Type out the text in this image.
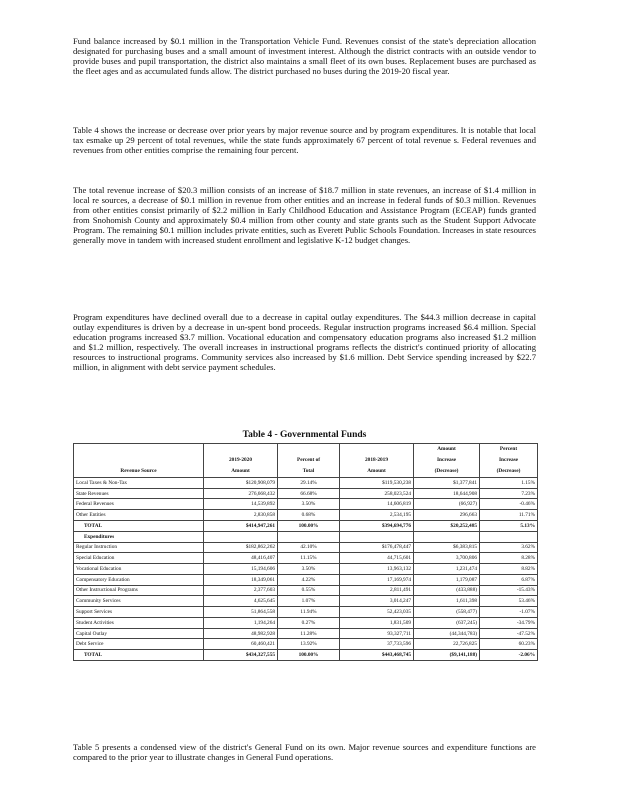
Fund balance increased by $0.1 million in the Transportation Vehicle Fund. Revenues consist of the state's depreciation allocation designated for purchasing buses and a small amount of investment interest. Although the district contracts with an outside vendor to provide buses and pupil transportation, the district also maintains a small fleet of its own buses. Replacement buses are purchased as the fleet ages and as accumulated funds allow. The district purchased no buses during the 2019-20 fiscal year.

Table 4 shows the increase or decrease over prior years by major revenue source and by program expenditures. It is notable that local tax esmake up 29 percent of total revenues, while the state funds approximately 67 percent of total revenue s. Federal revenues and revenues from other entities comprise the remaining four percent.

The total revenue increase of $20.3 million consists of an increase of $18.7 million in state revenues, an increase of $1.4 million in local re sources, a decrease of $0.1 million in revenue from other entities and an increase in federal funds of $0.3 million. Revenues from other entities consist primarily of $2.2 million in Early Childhood Education and Assistance Program (ECEAP) funds granted from Snohomish County and approximately $0.4 million from other county and state grants such as the Student Support Advocate Program. The remaining $0.1 million includes private entities, such as Everett Public Schools Foundation. Increases in state resources generally move in tandem with increased student enrollment and legislative K-12 budget changes.

Program expenditures have declined overall due to a decrease in capital outlay expenditures. The $44.3 million decrease in capital outlay expenditures is driven by a decrease in un-spent bond proceeds. Regular instruction programs increased $6.4 million. Special education programs increased $3.7 million. Vocational education and compensatory education programs also increased $1.2 million and $1.2 million, respectively. The overall increases in instructional programs reflects the district's continued priority of allocating resources to instructional programs. Community services also increased by $1.6 million. Debt Service spending increased by $22.7 million, in alignment with debt service payment schedules.

Table 4 - Governmental Funds

				Amount	Percent
	2019-2020	Percent of	2018-2019	Increase	Increase
Revenue Source	Amount	Total	Amount	(Decrease)	(Decrease)
Local Taxes & Non-Tax	$120,908,079	29.14%	$119,530,238	$1,377,841	1.15%
State Revenues	276,668,432	66.68%	258,023,524	18,644,908	7.23%
Federal Revenues	14,539,892	3.50%	14,606,819	(66,927)	-0.46%
Other Entities	2,830,858	0.68%	2,534,195	296,663	11.71%
TOTAL	$414,947,261	100.00%	$394,694,776	$20,252,485	5.13%
Expenditures					
Regular Instruction	$182,862,262	42.10%	$176,478,447	$6,383,815	3.62%
Special Education	48,416,407	11.15%	44,715,601	3,700,806	8.28%
Vocational Education	15,194,606	3.50%	13,963,132	1,231,474	8.82%
Compensatory Education	18,349,061	4.22%	17,169,974	1,179,087	6.87%
Other Instructional Programs	2,377,603	0.55%	2,811,491	(433,888)	-15.43%
Community Services	4,625,645	1.07%	3,014,247	1,611,398	53.46%
Support Services	51,864,558	11.94%	52,423,035	(558,477)	-1.07%
Student Activities	1,194,264	0.27%	1,831,509	(637,245)	-34.79%
Capital Outlay	48,982,928	11.28%	93,327,711	(44,344,783)	-47.52%
Debt Service	60,460,421	13.92%	37,733,596	22,726,825	60.23%
TOTAL	$434,327,555	100.00%	$443,468,745	($9,141,188)	-2.06%

Table 5 presents a condensed view of the district's General Fund on its own. Major revenue sources and expenditure functions are compared to the prior year to illustrate changes in General Fund operations.
